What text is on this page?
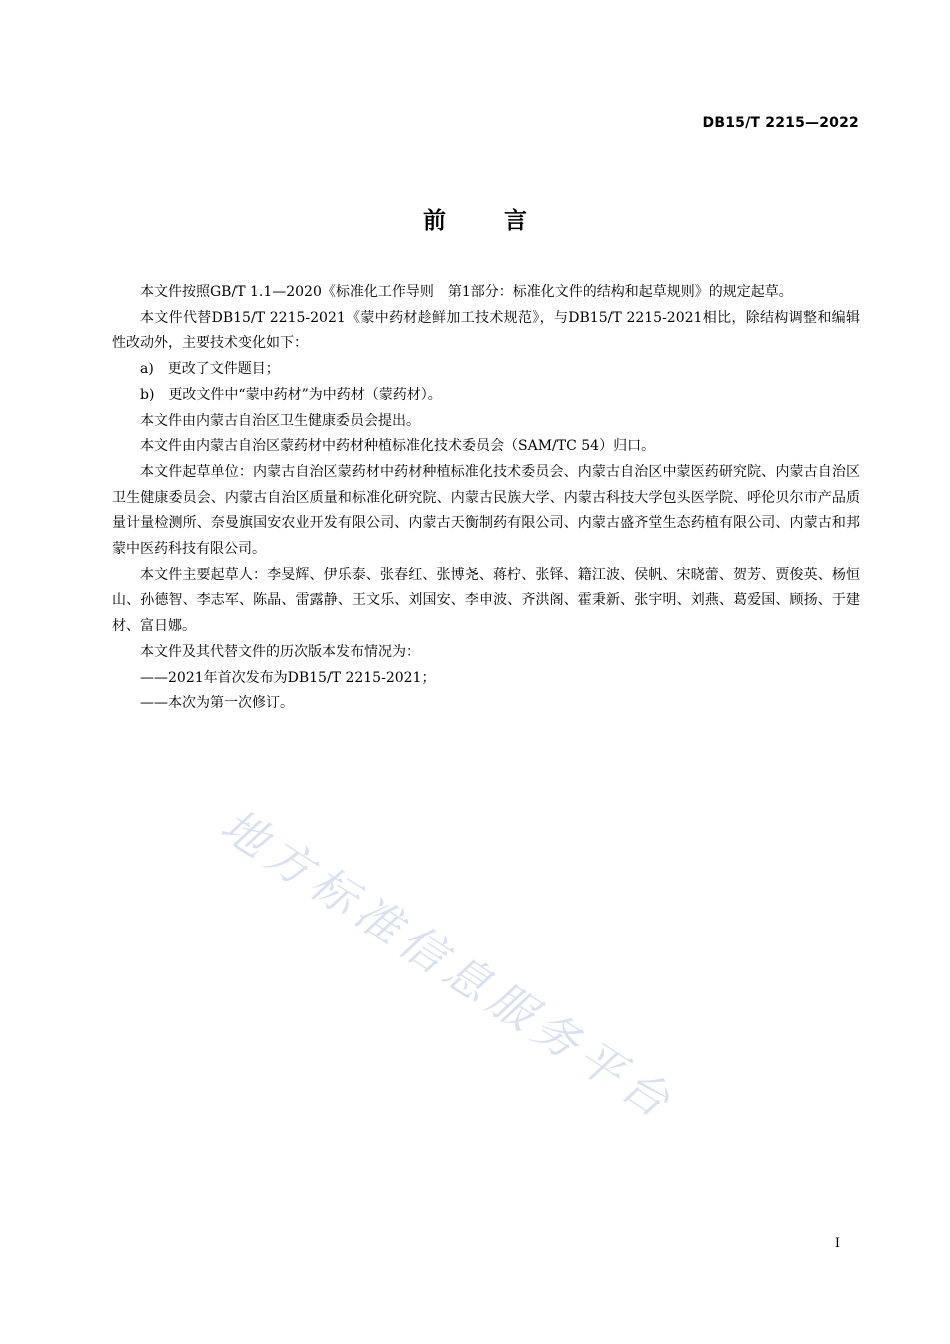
DB15/T 2215—2022
前	言

本文件按照GB/T 1.1—2020《标准化工作导则　第1部分：标准化文件的结构和起草规则》的规定起草。

本文件代替DB15/T 2215-2021《蒙中药材趁鲜加工技术规范》，与DB15/T 2215-2021相比，除结构调整和编辑性改动外，主要技术变化如下：

a)　更改了文件题目；

b)　更改文件中“蒙中药材”为中药材（蒙药材）。

本文件由内蒙古自治区卫生健康委员会提出。

本文件由内蒙古自治区蒙药材中药材种植标准化技术委员会（SAM/TC 54）归口。

本文件起草单位：内蒙古自治区蒙药材中药材种植标准化技术委员会、内蒙古自治区中蒙医药研究院、内蒙古自治区卫生健康委员会、内蒙古自治区质量和标准化研究院、内蒙古民族大学、内蒙古科技大学包头医学院、呼伦贝尔市产品质量计量检测所、奈曼旗国安农业开发有限公司、内蒙古天衡制药有限公司、内蒙古盛齐堂生态药植有限公司、内蒙古和邦蒙中医药科技有限公司。

本文件主要起草人：李旻辉、伊乐泰、张春红、张博尧、蒋柠、张铎、籍江波、侯帆、宋晓蕾、贺芳、贾俊英、杨恒山、孙德智、李志军、陈晶、雷露静、王文乐、刘国安、李申波、齐洪阁、霍秉新、张宇明、刘燕、葛爱国、顾扬、于建材、富日娜。

本文件及其代替文件的历次版本发布情况为：

——2021年首次发布为DB15/T 2215-2021；

——本次为第一次修订。

地方标准信息服务平台
I
